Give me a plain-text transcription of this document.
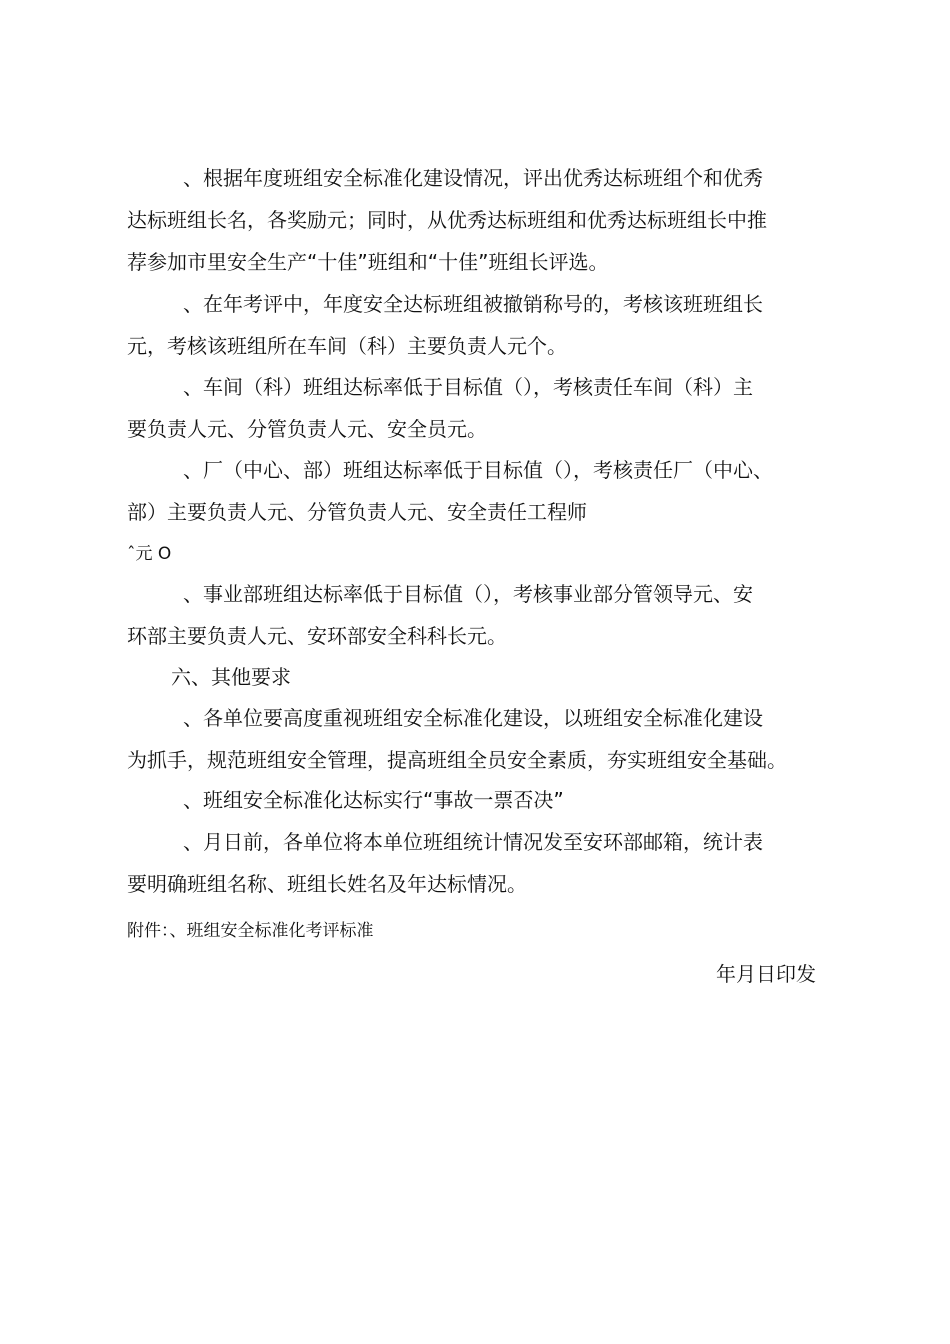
、根据年度班组安全标准化建设情况，评出优秀达标班组个和优秀
达标班组长名，各奖励元；同时，从优秀达标班组和优秀达标班组长中推
荐参加市里安全生产“十佳”班组和“十佳”班组长评选。
、在年考评中，年度安全达标班组被撤销称号的，考核该班班组长
元，考核该班组所在车间（科）主要负责人元个。
、车间（科）班组达标率低于目标值（），考核责任车间（科）主
要负责人元、分管负责人元、安全员元。
、厂（中心、部）班组达标率低于目标值（），考核责任厂（中心、
部）主要负责人元、分管负责人元、安全责任工程师
ˆ元 O
、事业部班组达标率低于目标值（），考核事业部分管领导元、安
环部主要负责人元、安环部安全科科长元。
六、其他要求
、各单位要高度重视班组安全标准化建设，以班组安全标准化建设
为抓手，规范班组安全管理，提高班组全员安全素质，夯实班组安全基础。
、班组安全标准化达标实行“事故一票否决”
、月日前，各单位将本单位班组统计情况发至安环部邮箱，统计表
要明确班组名称、班组长姓名及年达标情况。
附件：、班组安全标准化考评标准
年月日印发
